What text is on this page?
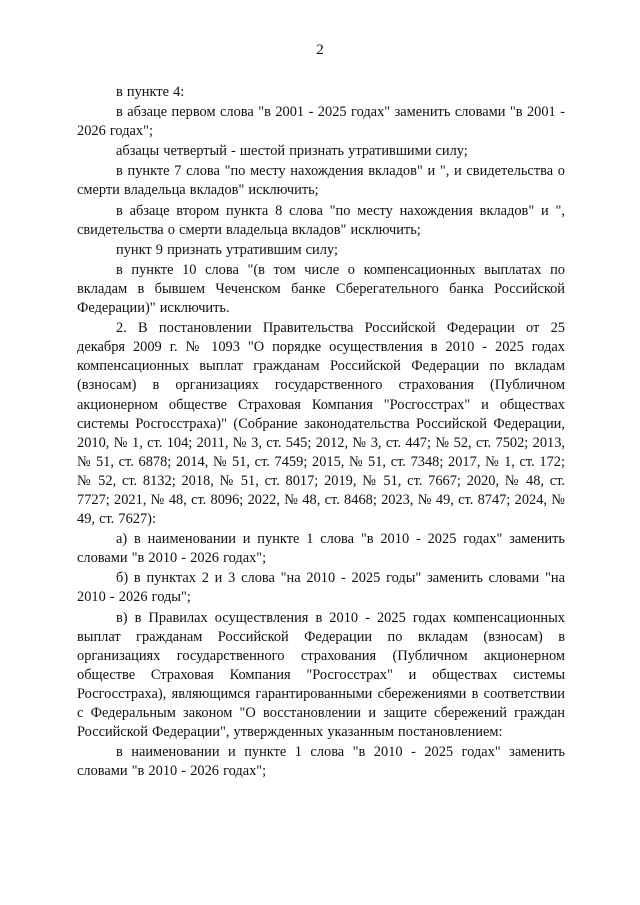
2

в пункте 4:

в абзаце первом слова "в 2001 - 2025 годах" заменить словами "в 2001 - 2026 годах";

абзацы четвертый - шестой признать утратившими силу;

в пункте 7 слова "по месту нахождения вкладов" и ", и свидетельства о смерти владельца вкладов" исключить;

в абзаце втором пункта 8 слова "по месту нахождения вкладов" и ", свидетельства о смерти владельца вкладов" исключить;

пункт 9 признать утратившим силу;

в пункте 10 слова "(в том числе о компенсационных выплатах по вкладам в бывшем Чеченском банке Сберегательного банка Российской Федерации)" исключить.

2. В постановлении Правительства Российской Федерации от 25 декабря 2009 г. № 1093 "О порядке осуществления в 2010 - 2025 годах компенсационных выплат гражданам Российской Федерации по вкладам (взносам) в организациях государственного страхования (Публичном акционерном обществе Страховая Компания "Росгосстрах" и обществах системы Росгосстраха)" (Собрание законодательства Российской Федерации, 2010, № 1, ст. 104; 2011, № 3, ст. 545; 2012, № 3, ст. 447; № 52, ст. 7502; 2013, № 51, ст. 6878; 2014, № 51, ст. 7459; 2015, № 51, ст. 7348; 2017, № 1, ст. 172; № 52, ст. 8132; 2018, № 51, ст. 8017; 2019, № 51, ст. 7667; 2020, № 48, ст. 7727; 2021, № 48, ст. 8096; 2022, № 48, ст. 8468; 2023, № 49, ст. 8747; 2024, № 49, ст. 7627):

а) в наименовании и пункте 1 слова "в 2010 - 2025 годах" заменить словами "в 2010 - 2026 годах";

б) в пунктах 2 и 3 слова "на 2010 - 2025 годы" заменить словами "на 2010 - 2026 годы";

в) в Правилах осуществления в 2010 - 2025 годах компенсационных выплат гражданам Российской Федерации по вкладам (взносам) в организациях государственного страхования (Публичном акционерном обществе Страховая Компания "Росгосстрах" и обществах системы Росгосстраха), являющимся гарантированными сбережениями в соответствии с Федеральным законом "О восстановлении и защите сбережений граждан Российской Федерации", утвержденных указанным постановлением:

в наименовании и пункте 1 слова "в 2010 - 2025 годах" заменить словами "в 2010 - 2026 годах";
